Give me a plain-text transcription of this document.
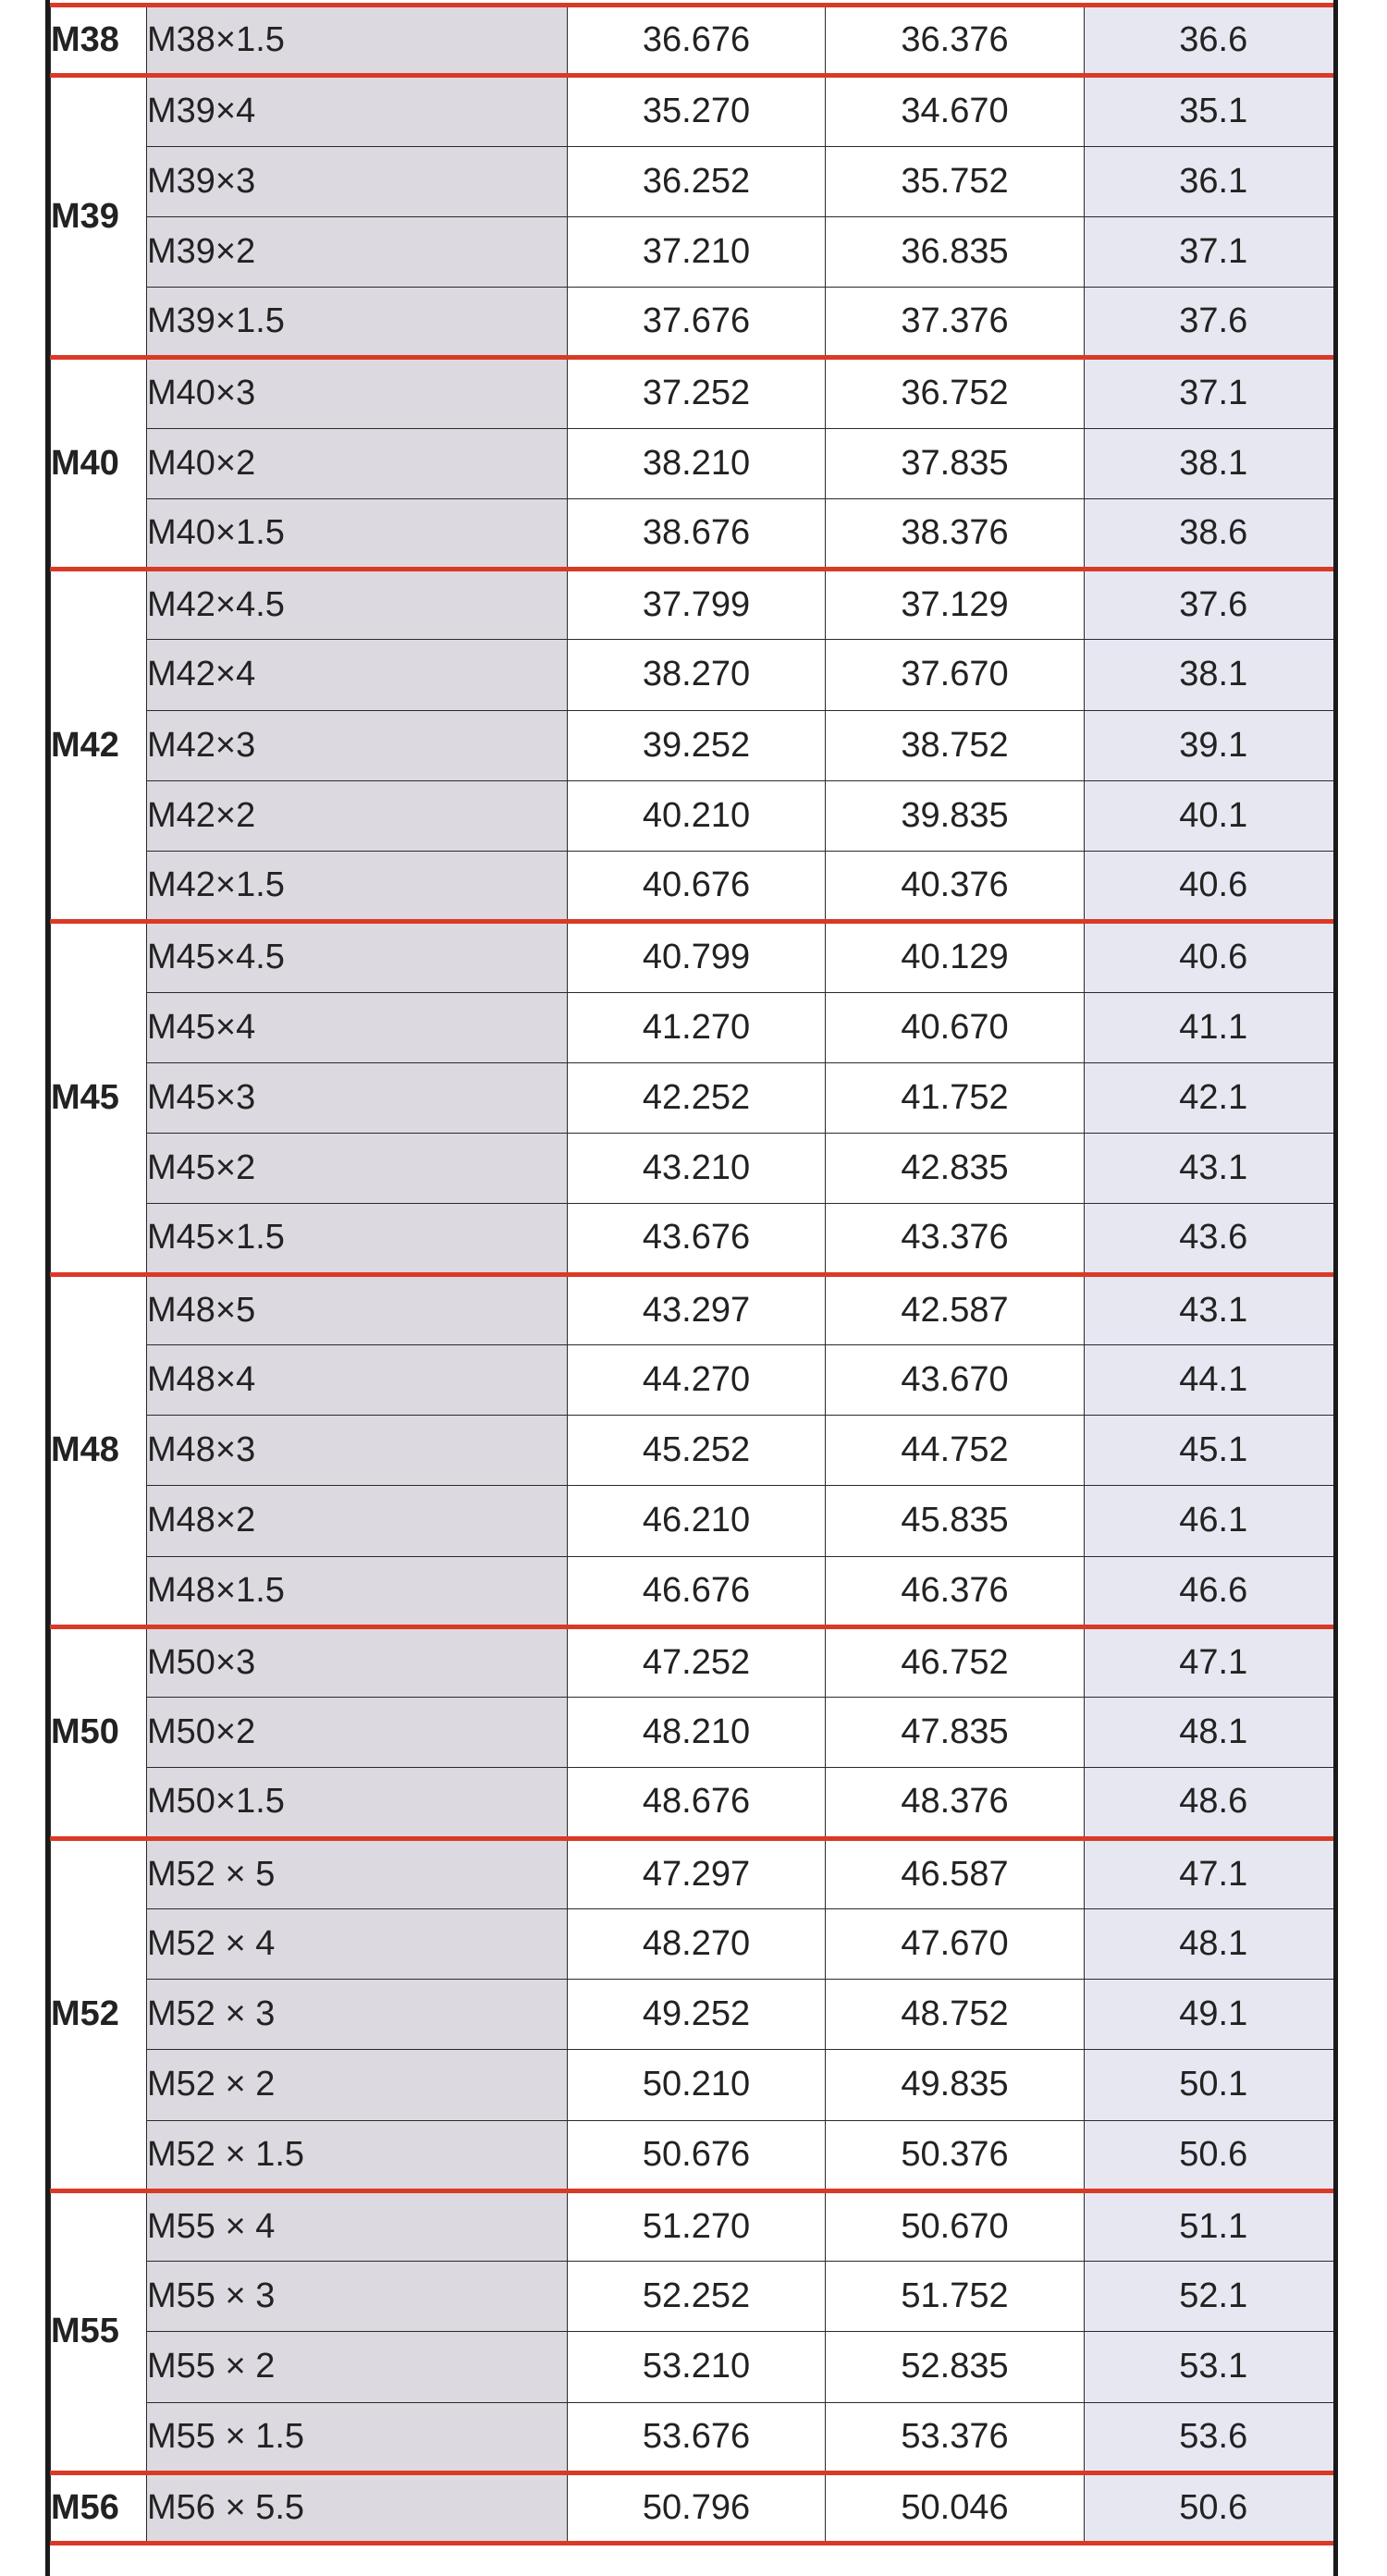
M38	M38×1.5	36.676	36.376	36.6
M39	M39×4	35.270	34.670	35.1
	M39×3	36.252	35.752	36.1
	M39×2	37.210	36.835	37.1
	M39×1.5	37.676	37.376	37.6
M40	M40×3	37.252	36.752	37.1
	M40×2	38.210	37.835	38.1
	M40×1.5	38.676	38.376	38.6
M42	M42×4.5	37.799	37.129	37.6
	M42×4	38.270	37.670	38.1
	M42×3	39.252	38.752	39.1
	M42×2	40.210	39.835	40.1
	M42×1.5	40.676	40.376	40.6
M45	M45×4.5	40.799	40.129	40.6
	M45×4	41.270	40.670	41.1
	M45×3	42.252	41.752	42.1
	M45×2	43.210	42.835	43.1
	M45×1.5	43.676	43.376	43.6
M48	M48×5	43.297	42.587	43.1
	M48×4	44.270	43.670	44.1
	M48×3	45.252	44.752	45.1
	M48×2	46.210	45.835	46.1
	M48×1.5	46.676	46.376	46.6
M50	M50×3	47.252	46.752	47.1
	M50×2	48.210	47.835	48.1
	M50×1.5	48.676	48.376	48.6
M52	M52 × 5	47.297	46.587	47.1
	M52 × 4	48.270	47.670	48.1
	M52 × 3	49.252	48.752	49.1
	M52 × 2	50.210	49.835	50.1
	M52 × 1.5	50.676	50.376	50.6
M55	M55 × 4	51.270	50.670	51.1
	M55 × 3	52.252	51.752	52.1
	M55 × 2	53.210	52.835	53.1
	M55 × 1.5	53.676	53.376	53.6
M56	M56 × 5.5	50.796	50.046	50.6
